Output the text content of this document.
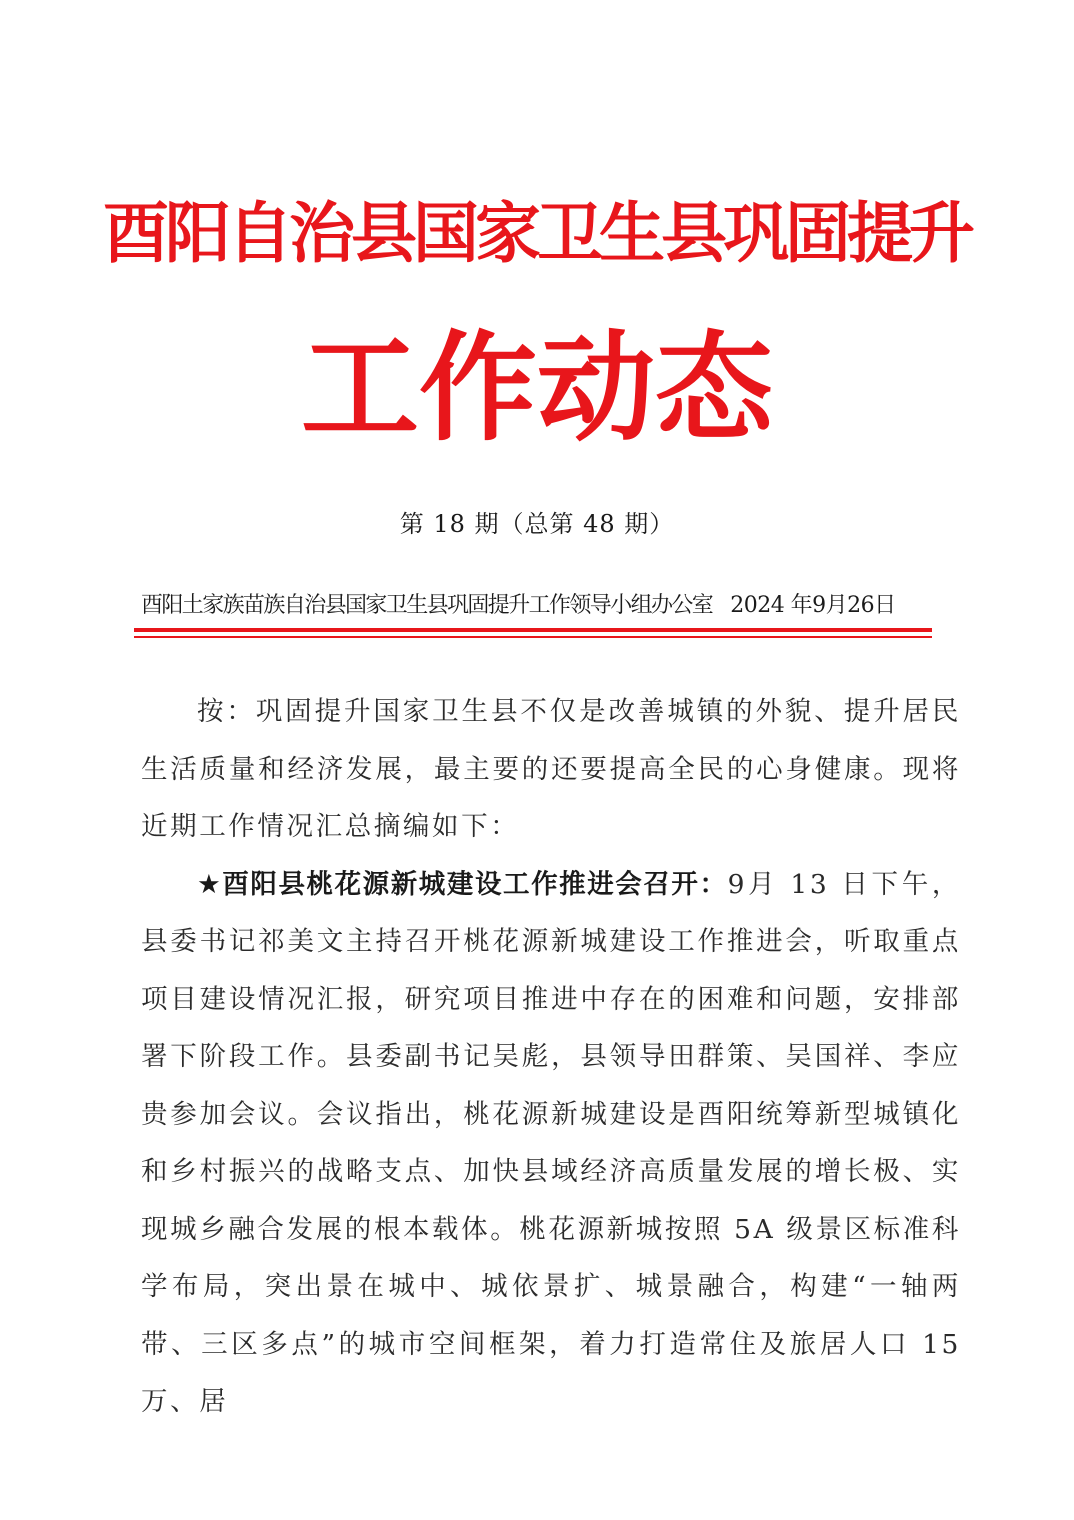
酉阳自治县国家卫生县巩固提升
工作动态
第 18 期（总第 48 期）
酉阳土家族苗族自治县国家卫生县巩固提升工作领导小组办公室 2024 年9月26日

按：巩固提升国家卫生县不仅是改善城镇的外貌、提升居民生活质量和经济发展，最主要的还要提高全民的心身健康。现将近期工作情况汇总摘编如下：

★酉阳县桃花源新城建设工作推进会召开：9月 13 日下午，县委书记祁美文主持召开桃花源新城建设工作推进会，听取重点项目建设情况汇报，研究项目推进中存在的困难和问题，安排部署下阶段工作。县委副书记吴彪，县领导田群策、吴国祥、李应贵参加会议。会议指出，桃花源新城建设是酉阳统筹新型城镇化和乡村振兴的战略支点、加快县域经济高质量发展的增长极、实现城乡融合发展的根本载体。桃花源新城按照 5A 级景区标准科学布局，突出景在城中、城依景扩、城景融合，构建“一轴两带、三区多点”的城市空间框架，着力打造常住及旅居人口 15 万、居
